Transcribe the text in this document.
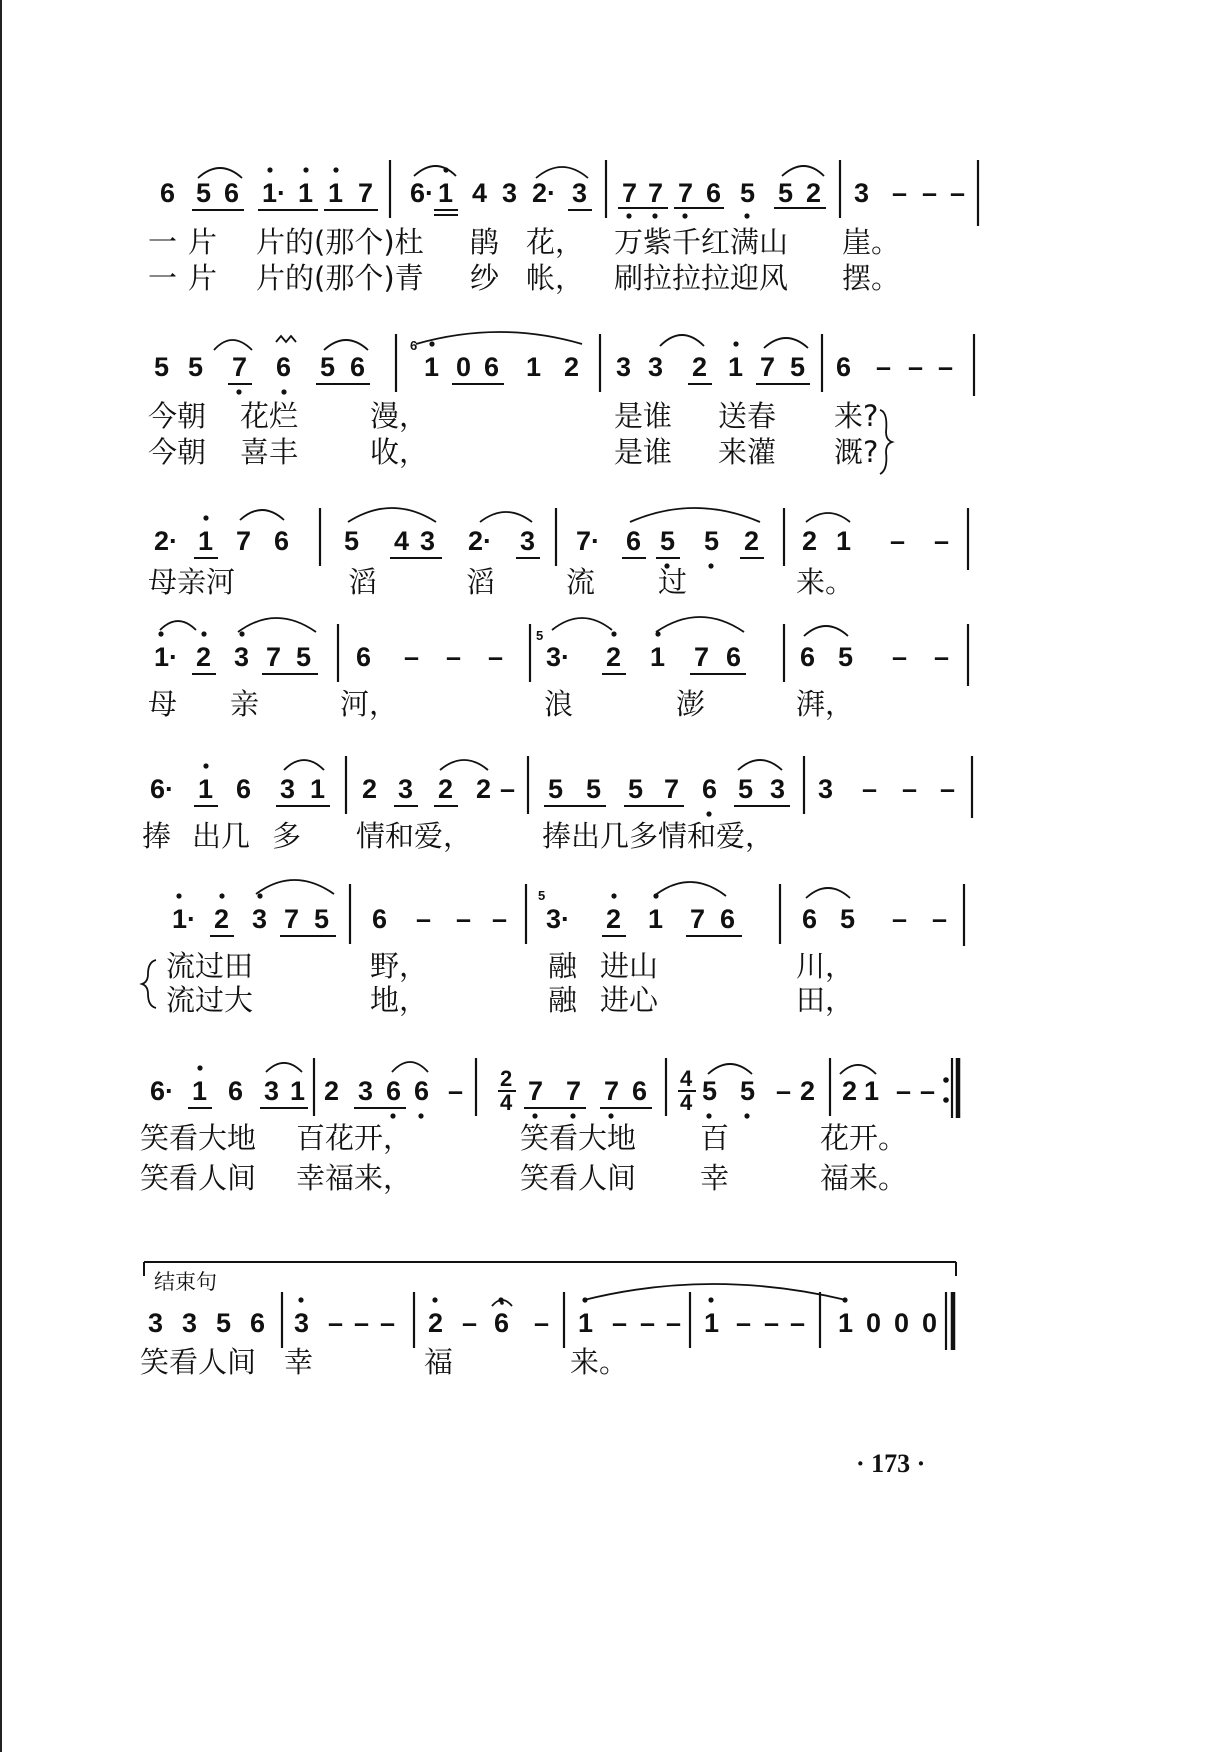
6 5 6 1· 1 1 7 6· 1 4 3 2· 3 7 7 7 6 5 5 2 3 – – –
一 片 片的(那个)杜 鹃 花， 万紫千红满山 崖。
一 片 片的(那个)青 纱 帐， 刷拉拉拉迎风 摆。
5 5 7 6 5 6
6
1 0 6 1 2 3 3 2 1 7 5 6 – – –
今朝 花烂 漫，	是谁 送春 来?
今朝 喜丰 收，	是谁 来灌 溉?
2· 1 7 6 5 4 3 2· 3 7· 6 5 5 2 2 1 – –
母亲河	滔	滔 流 过	来。
1· 2 3 7 5 6 – – –
5
3· 2 1 7 6 6 5 – –
母 亲	河，	浪	澎	湃，
6· 1 6 3 1 2 3 2 2 – 5 5 5 7 6 5 3 3 – – –
捧 出几 多 情和爱， 捧出几多情和爱，
1· 2 3 7 5 6 – – –
5
3· 2 1 7 6 6 5 – –
流过田	野，	融 进山	川，
流过大	地，	融 进心	田，
6· 1 6 3 1 2 3 6 6 – 2
4 7 7 7 6 4
4 5 5 – 2 2 1 – –
笑看大地 百花开，	笑看大地 百	花开。
笑看人间 幸福来，	笑看人间 幸	福来。
结束句
3 3 5 6 3 – – – 2 – 6 – 1 – – – 1 – – – 1 0 0 0
笑看人间 幸	福	来。
· 173 ·
